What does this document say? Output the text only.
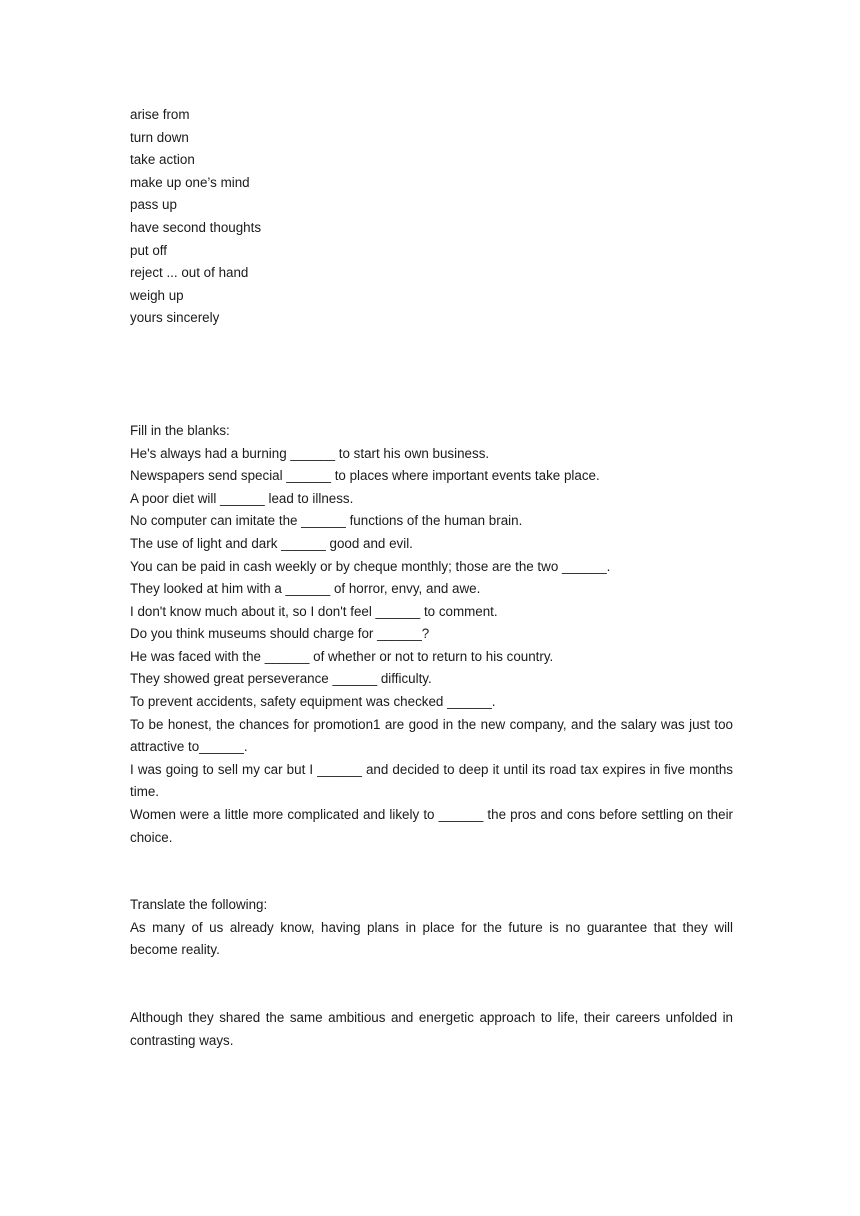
arise from
turn down
take action
make up one’s mind
pass up
have second thoughts
put off
reject ... out of hand
weigh up
yours sincerely
Fill in the blanks:
He's always had a burning ______ to start his own business.
Newspapers send special ______ to places where important events take place.
A poor diet will ______ lead to illness.
No computer can imitate the ______ functions of the human brain.
The use of light and dark ______ good and evil.
You can be paid in cash weekly or by cheque monthly; those are the two ______.
They looked at him with a ______ of horror, envy, and awe.
I don't know much about it, so I don't feel ______ to comment.
Do you think museums should charge for ______?
He was faced with the ______ of whether or not to return to his country.
They showed great perseverance ______ difficulty.
To prevent accidents, safety equipment was checked ______.
To be honest, the chances for promotion1 are good in the new company, and the salary was just too attractive to______.
I was going to sell my car but I ______ and decided to deep it until its road tax expires in five months time.
Women were a little more complicated and likely to ______ the pros and cons before settling on their choice.
Translate the following:
As many of us already know, having plans in place for the future is no guarantee that they will become reality.
Although they shared the same ambitious and energetic approach to life, their careers unfolded in contrasting ways.
